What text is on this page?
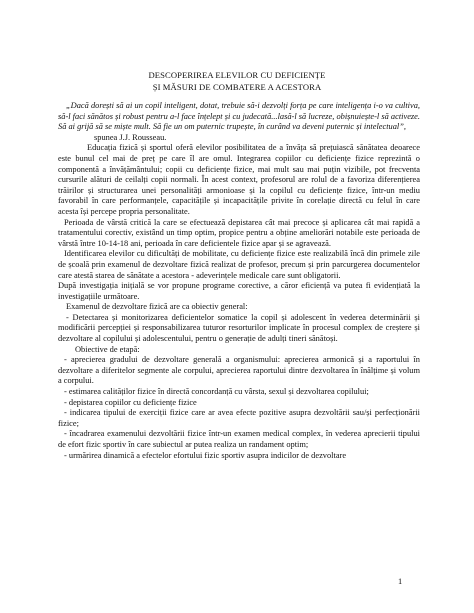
DESCOPERIREA ELEVILOR CU DEFICIENȚE
ȘI MĂSURI DE COMBATERE A ACESTORA

„Dacă dorești să ai un copil inteligent, dotat, trebuie să-i dezvolți forța pe care inteligența i-o va cultiva, să-l faci sănătos și robust pentru a-l face înțelept și cu judecată...lasă-l să lucreze, obișnuiește-l să activeze. Să ai grijă să se miște mult. Să fie un om puternic trupește, în curând va deveni puternic și intelectual”,

spunea J.J. Rousseau.

Educația fizică și sportul oferă elevilor posibilitatea de a învăța să prețuiască sănătatea deoarece este bunul cel mai de preț pe care îl are omul. Integrarea copiilor cu deficiențe fizice reprezintă o componentă a învățământului; copii cu deficiențe fizice, mai mult sau mai puțin vizibile, pot frecventa cursurile alături de ceilalți copii normali. În acest context, profesorul are rolul de a favoriza diferențierea trăirilor și structurarea unei personalități armonioase și la copilul cu deficiențe fizice, într-un mediu favorabil în care performanțele, capacitățile și incapacitățile privite în corelație directă cu felul în care acesta își percepe propria personalitate.

Perioada de vârstă critică la care se efectuează depistarea cât mai precoce și aplicarea cât mai rapidă a tratamentului corectiv, existând un timp optim, propice pentru a obține ameliorări notabile este perioada de vârstă între 10-14-18 ani, perioada în care deficientele fizice apar și se agravează.

Identificarea elevilor cu dificultăți de mobilitate, cu deficiențe fizice este realizabilă încă din primele zile de școală prin examenul de dezvoltare fizică realizat de profesor, precum și prin parcurgerea documentelor care atestă starea de sănătate a acestora - adeverințele medicale care sunt obligatorii.

După investigația inițială se vor propune programe corective, a căror eficiență va putea fi evidențiată la investigațiile următoare.

Examenul de dezvoltare fizică are ca obiectiv general:

- Detectarea și monitorizarea deficientelor somatice la copil și adolescent în vederea determinării și modificării percepției și responsabilizarea tuturor resorturilor implicate în procesul complex de creștere și dezvoltare al copilului și adolescentului, pentru o generație de adulți tineri sănătoși.

Obiective de etapă:

- aprecierea gradului de dezvoltare generală a organismului: aprecierea armonică și a raportului în dezvoltare a diferitelor segmente ale corpului, aprecierea raportului dintre dezvoltarea în înălțime și volum a corpului.

- estimarea calităților fizice în directă concordanță cu vârsta, sexul și dezvoltarea copilului;

- depistarea copiilor cu deficiențe fizice

- indicarea tipului de exerciții fizice care ar avea efecte pozitive asupra dezvoltării sau/și perfecționării fizice;

- încadrarea examenului dezvoltării fizice într-un examen medical complex, în vederea aprecierii tipului de efort fizic sportiv în care subiectul ar putea realiza un randament optim;

- urmărirea dinamică a efectelor efortului fizic sportiv asupra indicilor de dezvoltare

1
